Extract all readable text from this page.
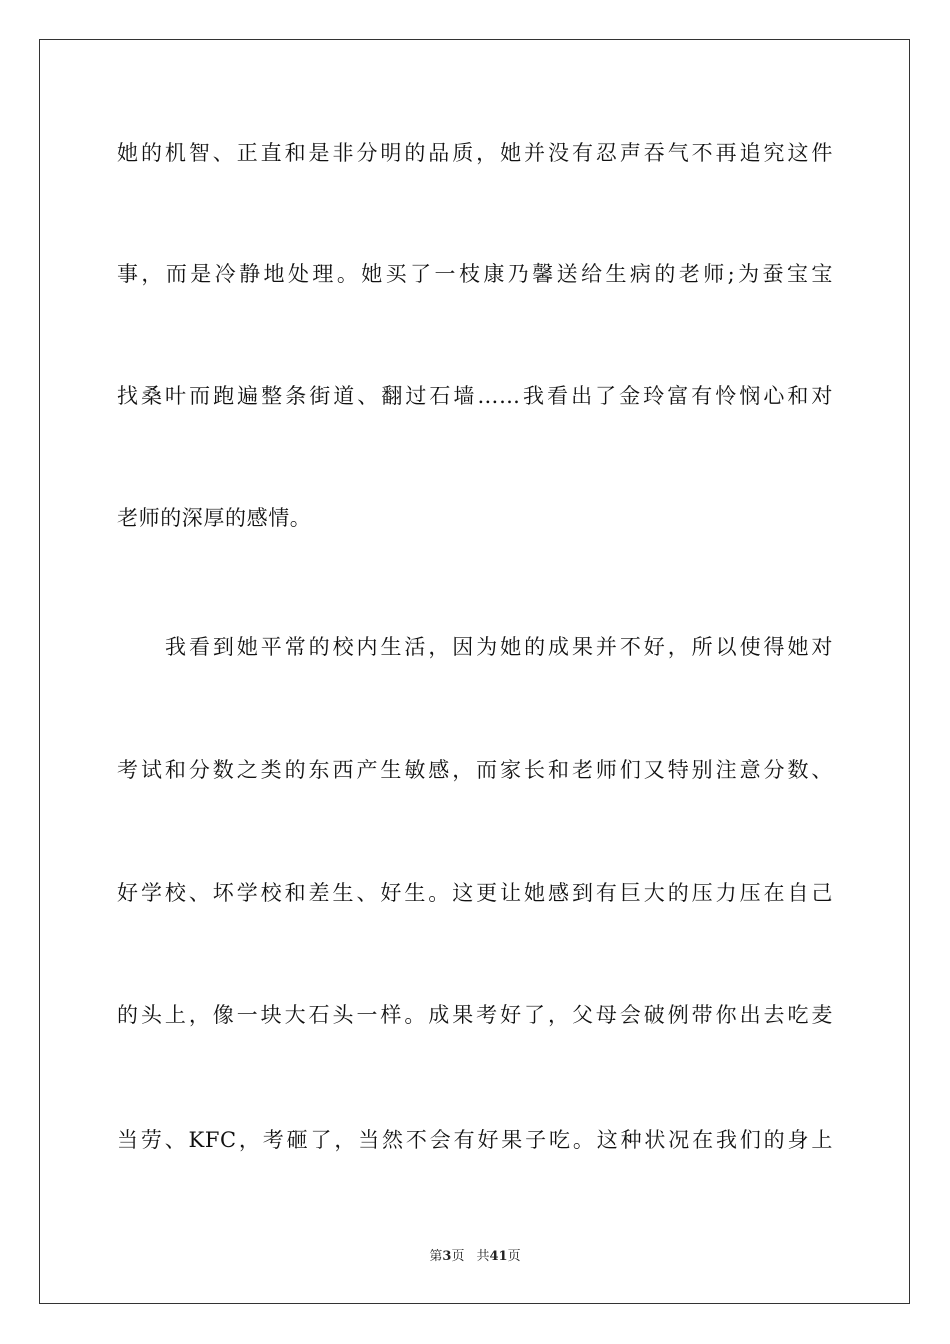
她的机智、正直和是非分明的品质，她并没有忍声吞气不再追究这件
事，而是冷静地处理。她买了一枝康乃馨送给生病的老师;为蚕宝宝
找桑叶而跑遍整条街道、翻过石墙……我看出了金玲富有怜悯心和对
老师的深厚的感情。
我看到她平常的校内生活，因为她的成果并不好，所以使得她对
考试和分数之类的东西产生敏感，而家长和老师们又特别注意分数、
好学校、坏学校和差生、好生。这更让她感到有巨大的压力压在自己
的头上，像一块大石头一样。成果考好了，父母会破例带你出去吃麦
当劳、KFC，考砸了，当然不会有好果子吃。这种状况在我们的身上
第3页 共41页
